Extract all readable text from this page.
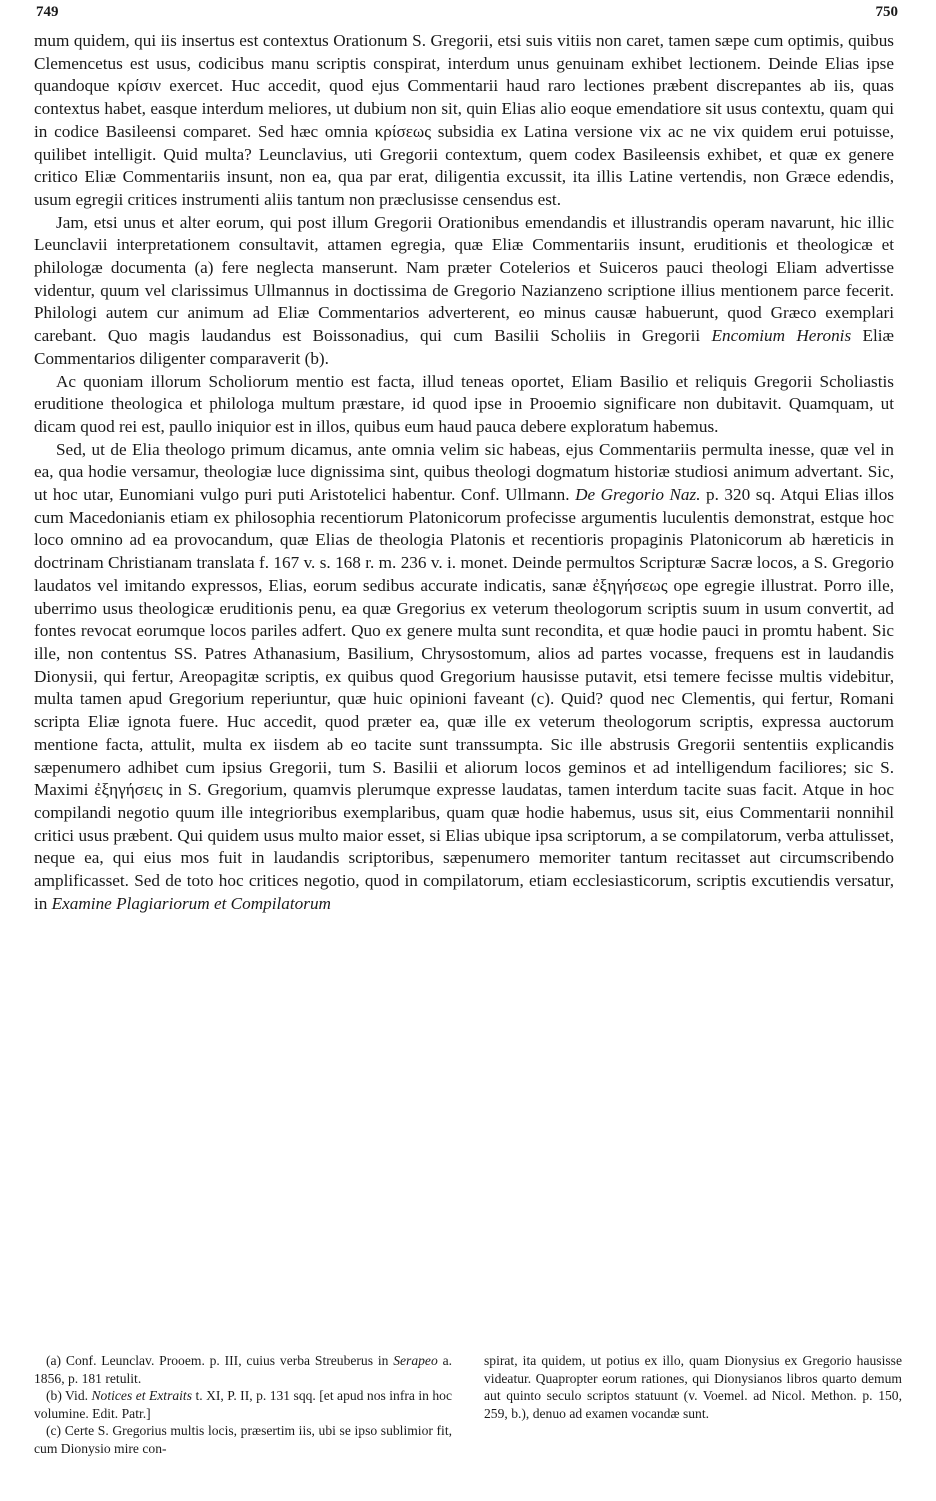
749	750

mum quidem, qui iis insertus est contextus Orationum S. Gregorii, etsi suis vitiis non caret, tamen sæpe cum optimis, quibus Clemencetus est usus, codicibus manu scriptis conspirat, interdum unus genuinam exhibet lectionem. Deinde Elias ipse quandoque κρίσιν exercet. Huc accedit, quod ejus Commentarii haud raro lectiones præbent discrepantes ab iis, quas contextus habet, easque interdum meliores, ut dubium non sit, quin Elias alio eoque emendatiore sit usus contextu, quam qui in codice Basileensi comparet. Sed hæc omnia κρίσεως subsidia ex Latina versione vix ac ne vix quidem erui potuisse, quilibet intelligit. Quid multa? Leunclavius, uti Gregorii contextum, quem codex Basileensis exhibet, et quæ ex genere critico Eliæ Commentariis insunt, non ea, qua par erat, diligentia excussit, ita illis Latine vertendis, non Græce edendis, usum egregii critices instrumenti aliis tantum non præclusisse censendus est.

Jam, etsi unus et alter eorum, qui post illum Gregorii Orationibus emendandis et illustrandis operam navarunt, hic illic Leunclavii interpretationem consultavit, attamen egregia, quæ Eliæ Commentariis insunt, eruditionis et theologicæ et philologæ documenta (a) fere neglecta manserunt. Nam præter Cotelerios et Suiceros pauci theologi Eliam advertisse videntur, quum vel clarissimus Ullmannus in doctissima de Gregorio Nazianzeno scriptione illius mentionem parce fecerit. Philologi autem cur animum ad Eliæ Commentarios adverterent, eo minus causæ habuerunt, quod Græco exemplari carebant. Quo magis laudandus est Boissonadius, qui cum Basilii Scholiis in Gregorii Encomium Heronis Eliæ Commentarios diligenter comparaverit (b).

Ac quoniam illorum Scholiorum mentio est facta, illud teneas oportet, Eliam Basilio et reliquis Gregorii Scholiastis eruditione theologica et philologa multum præstare, id quod ipse in Prooemio significare non dubitavit. Quamquam, ut dicam quod rei est, paullo iniquior est in illos, quibus eum haud pauca debere exploratum habemus.

Sed, ut de Elia theologo primum dicamus, ante omnia velim sic habeas, ejus Commentariis permulta inesse, quæ vel in ea, qua hodie versamur, theologiæ luce dignissima sint, quibus theologi dogmatum historiæ studiosi animum advertant. Sic, ut hoc utar, Eunomiani vulgo puri puti Aristotelici habentur. Conf. Ullmann. De Gregorio Naz. p. 320 sq. Atqui Elias illos cum Macedonianis etiam ex philosophia recentiorum Platonicorum profecisse argumentis luculentis demonstrat, estque hoc loco omnino ad ea provocandum, quæ Elias de theologia Platonis et recentioris propaginis Platonicorum ab hæreticis in doctrinam Christianam translata f. 167 v. s. 168 r. m. 236 v. i. monet. Deinde permultos Scripturæ Sacræ locos, a S. Gregorio laudatos vel imitando expressos, Elias, eorum sedibus accurate indicatis, sanæ ἐξηγήσεως ope egregie illustrat. Porro ille, uberrimo usus theologicæ eruditionis penu, ea quæ Gregorius ex veterum theologorum scriptis suum in usum convertit, ad fontes revocat eorumque locos pariles adfert. Quo ex genere multa sunt recondita, et quæ hodie pauci in promtu habent. Sic ille, non contentus SS. Patres Athanasium, Basilium, Chrysostomum, alios ad partes vocasse, frequens est in laudandis Dionysii, qui fertur, Areopagitæ scriptis, ex quibus quod Gregorium hausisse putavit, etsi temere fecisse multis videbitur, multa tamen apud Gregorium reperiuntur, quæ huic opinioni faveant (c). Quid? quod nec Clementis, qui fertur, Romani scripta Eliæ ignota fuere. Huc accedit, quod præter ea, quæ ille ex veterum theologorum scriptis, expressa auctorum mentione facta, attulit, multa ex iisdem ab eo tacite sunt transsumpta. Sic ille abstrusis Gregorii sententiis explicandis sæpenumero adhibet cum ipsius Gregorii, tum S. Basilii et aliorum locos geminos et ad intelligendum faciliores; sic S. Maximi ἐξηγήσεις in S. Gregorium, quamvis plerumque expresse laudatas, tamen interdum tacite suas facit. Atque in hoc compilandi negotio quum ille integrioribus exemplaribus, quam quæ hodie habemus, usus sit, eius Commentarii nonnihil critici usus præbent. Qui quidem usus multo maior esset, si Elias ubique ipsa scriptorum, a se compilatorum, verba attulisset, neque ea, qui eius mos fuit in laudandis scriptoribus, sæpenumero memoriter tantum recitasset aut circumscribendo amplificasset. Sed de toto hoc critices negotio, quod in compilatorum, etiam ecclesiasticorum, scriptis excutiendis versatur, in Examine Plagiariorum et Compilatorum

(a) Conf. Leunclav. Prooem. p. III, cuius verba Streuberus in Serapeo a. 1856, p. 181 retulit.

(b) Vid. Notices et Extraits t. XI, P. II, p. 131 sqq. [et apud nos infra in hoc volumine. Edit. Patr.]

(c) Certe S. Gregorius multis locis, præsertim iis, ubi se ipso sublimior fit, cum Dionysio mire con-

spirat, ita quidem, ut potius ex illo, quam Dionysius ex Gregorio hausisse videatur. Quapropter eorum rationes, qui Dionysianos libros quarto demum aut quinto seculo scriptos statuunt (v. Voemel. ad Nicol. Methon. p. 150, 259, b.), denuo ad examen vocandæ sunt.
